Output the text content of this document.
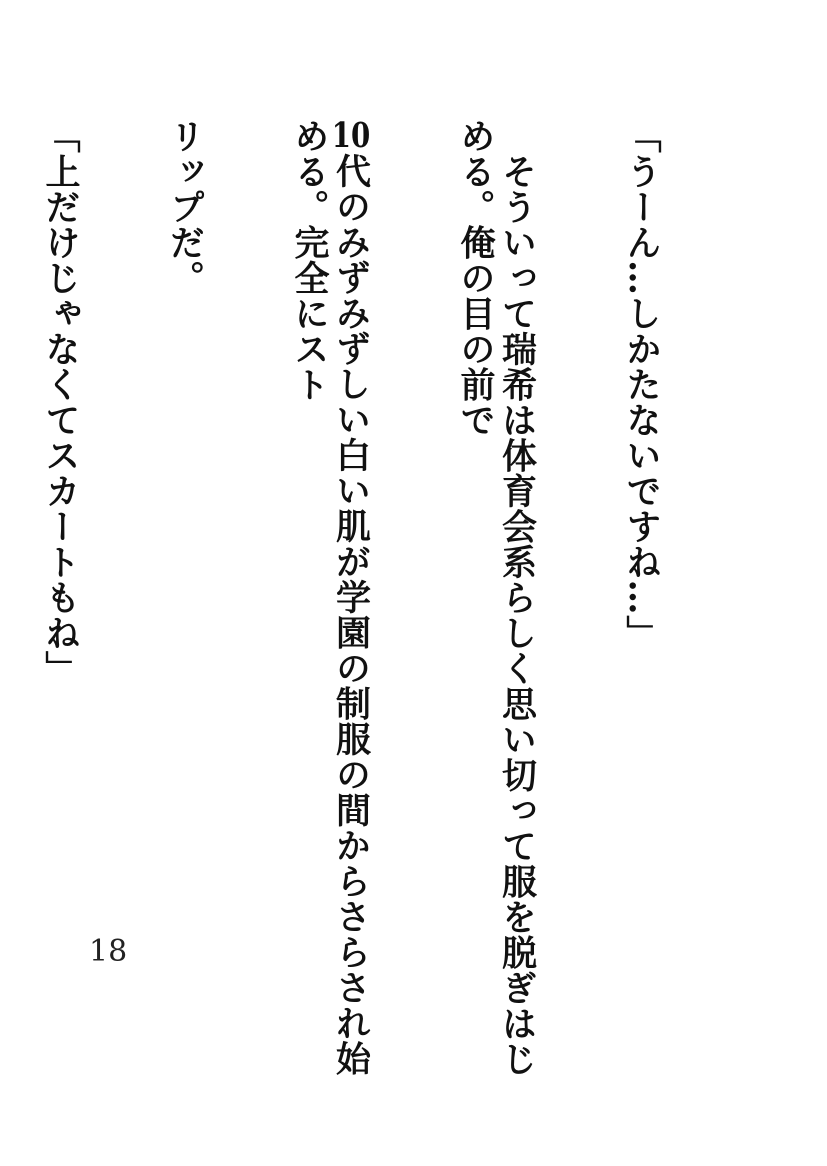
「うーん…しかたないですね…」

　そういって瑞希は体育会系らしく思い切って服を脱ぎはじめる。俺の目の前で

10代のみずみずしい白い肌が学園の制服の間からさらされ始める。完全にスト

リップだ。

「上だけじゃなくてスカートもね」

18
